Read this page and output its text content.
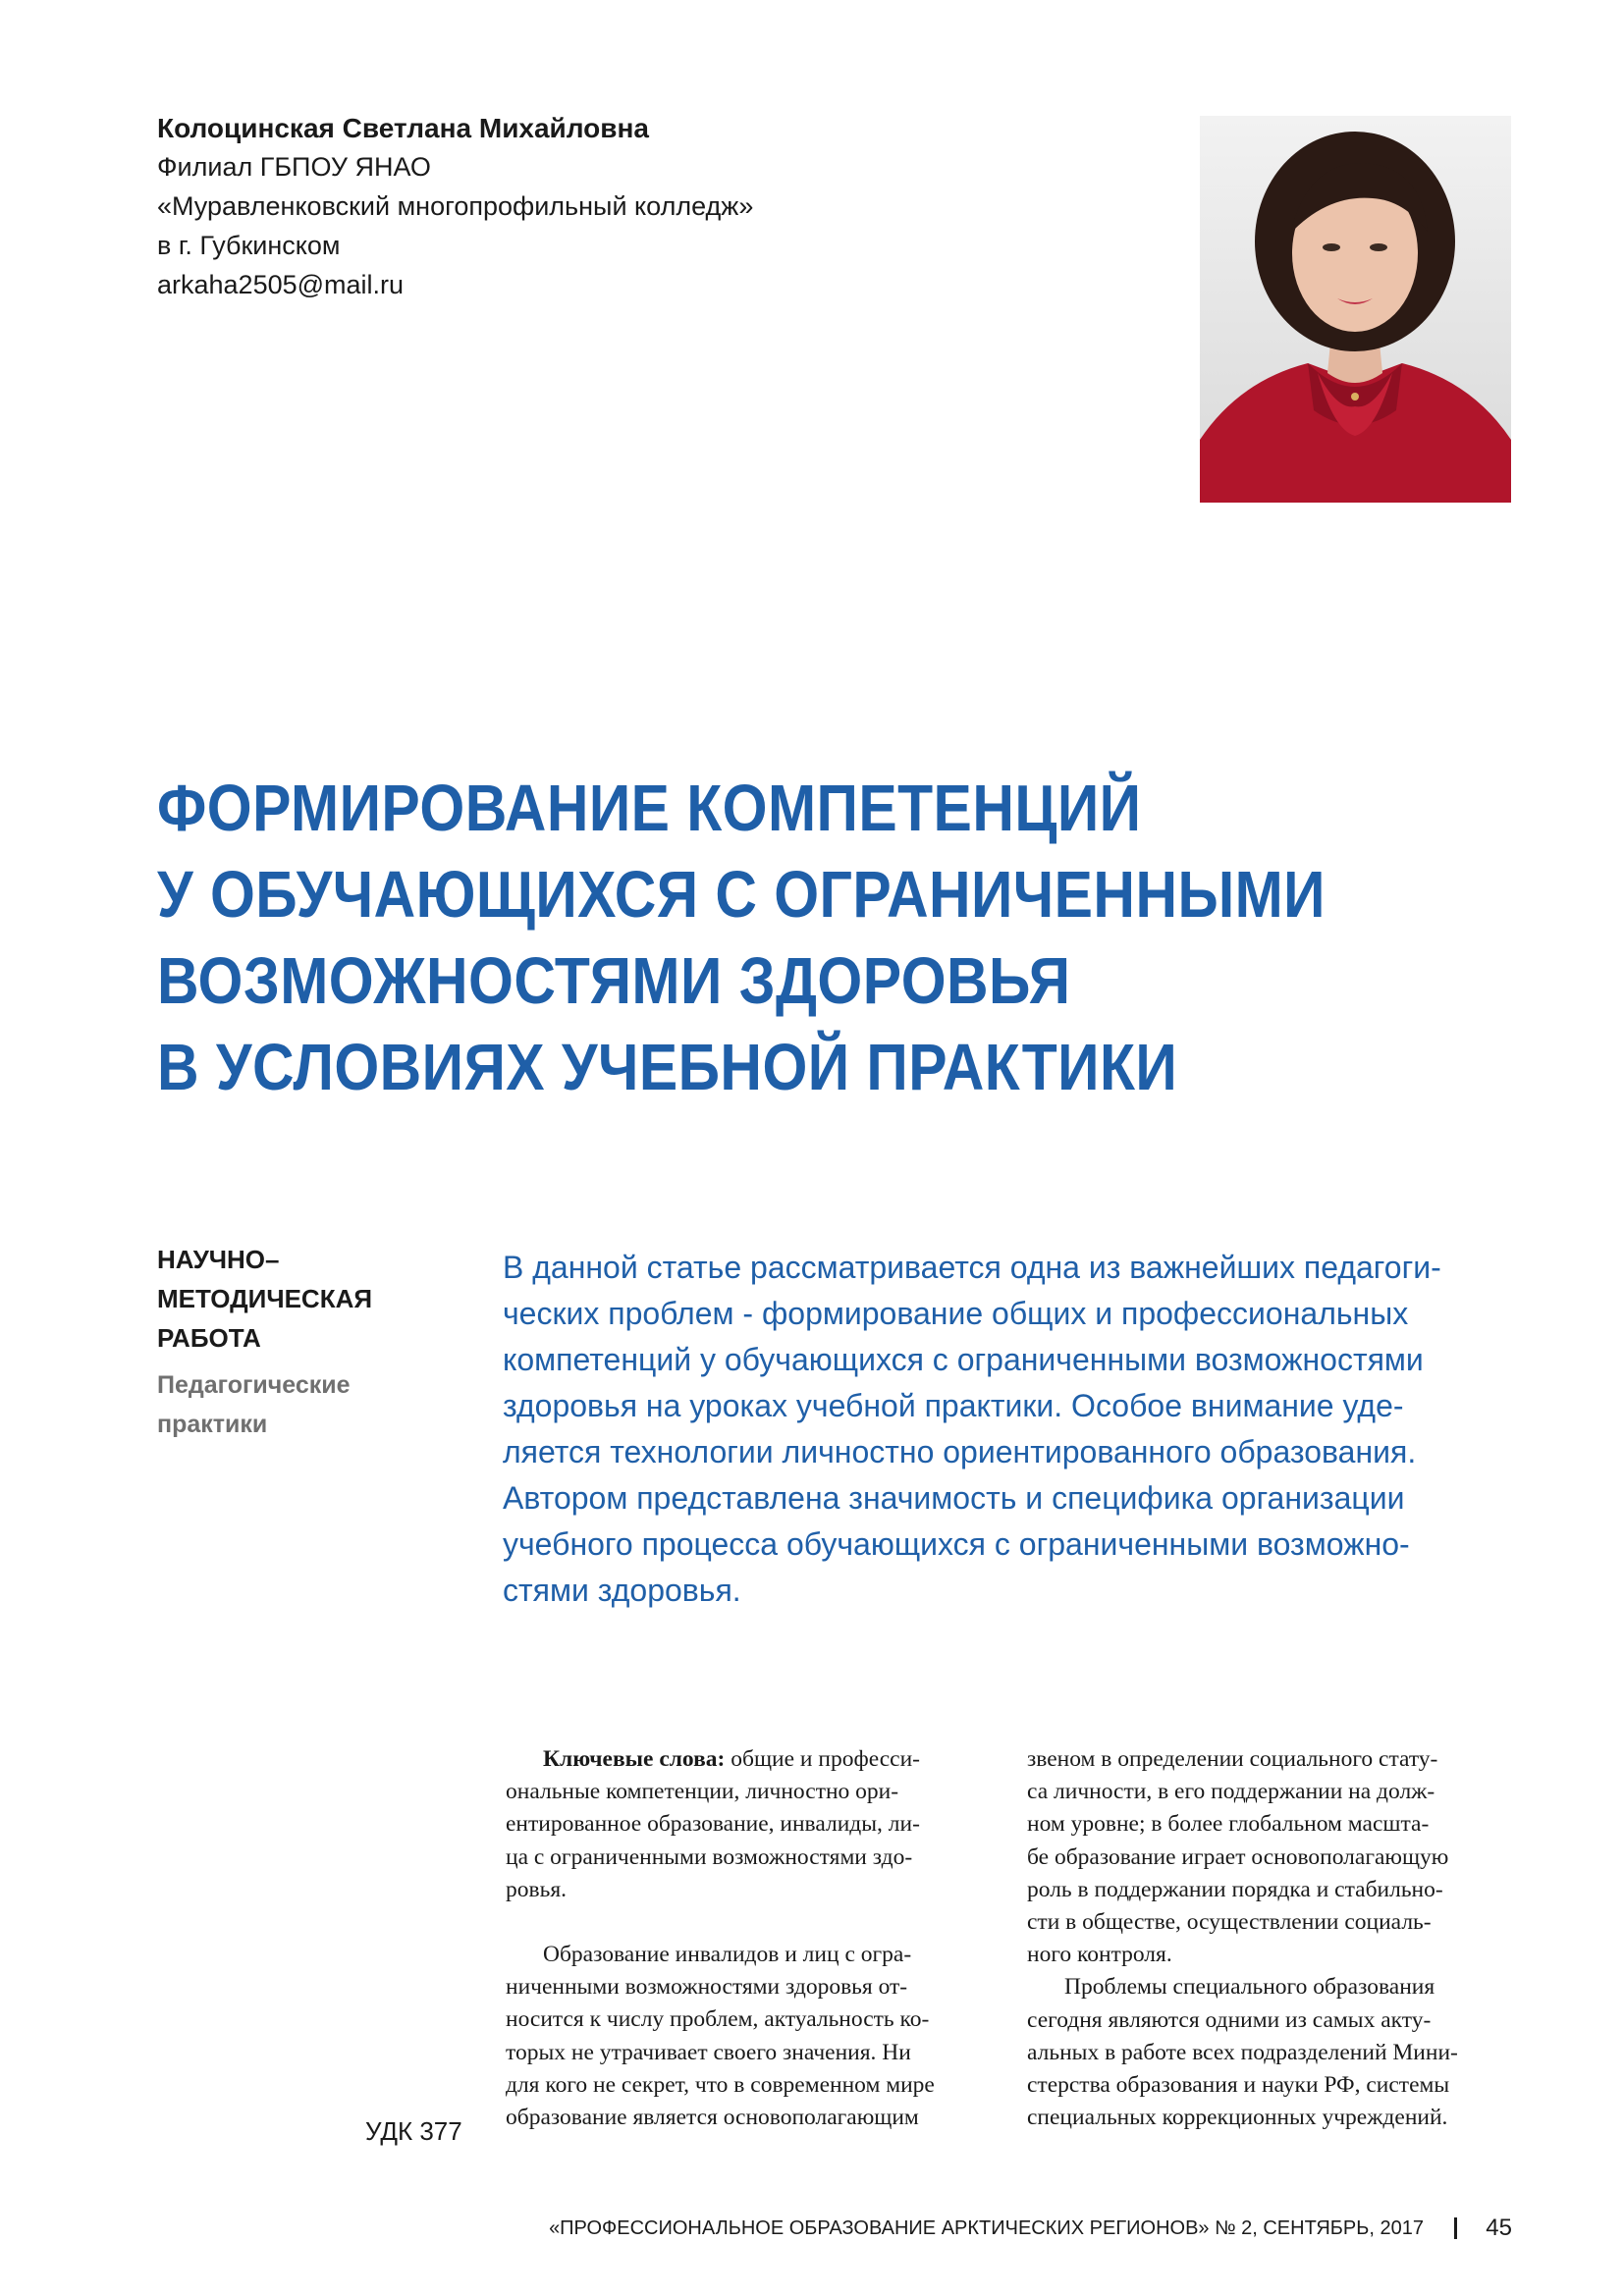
Колоцинская Светлана Михайловна
Филиал ГБПОУ ЯНАО
«Муравленковский многопрофильный колледж»
в г. Губкинском
arkaha2505@mail.ru
ФОРМИРОВАНИЕ КОМПЕТЕНЦИЙ
У ОБУЧАЮЩИХСЯ С ОГРАНИЧЕННЫМИ
ВОЗМОЖНОСТЯМИ ЗДОРОВЬЯ
В УСЛОВИЯХ УЧЕБНОЙ ПРАКТИКИ
НАУЧНО–
МЕТОДИЧЕСКАЯ
РАБОТА
Педагогические
практики
В данной статье рассматривается одна из важнейших педагоги-
ческих проблем - формирование общих и профессиональных
компетенций у обучающихся с ограниченными возможностями
здоровья на уроках учебной практики. Особое внимание уде-
ляется технологии личностно ориентированного образования.
Автором представлена значимость и специфика организации
учебного процесса обучающихся с ограниченными возможно-
стями здоровья.
Ключевые слова: общие и професси-
ональные компетенции, личностно ори-
ентированное образование, инвалиды, ли-
ца с ограниченными возможностями здо-
ровья.
Образование инвалидов и лиц с огра-
ниченными возможностями здоровья от-
носится к числу проблем, актуальность ко-
торых не утрачивает своего значения. Ни
для кого не секрет, что в современном мире
образование является основополагающим
звеном в определении социального стату-
са личности, в его поддержании на долж-
ном уровне; в более глобальном масшта-
бе образование играет основополагающую
роль в поддержании порядка и стабильно-
сти в обществе, осуществлении социаль-
ного контроля.
Проблемы специального образования
сегодня являются одними из самых акту-
альных в работе всех подразделений Мини-
стерства образования и науки РФ, системы
специальных коррекционных учреждений.
УДК 377
«ПРОФЕССИОНАЛЬНОЕ ОБРАЗОВАНИЕ АРКТИЧЕСКИХ РЕГИОНОВ» № 2, СЕНТЯБРЬ, 2017	45
